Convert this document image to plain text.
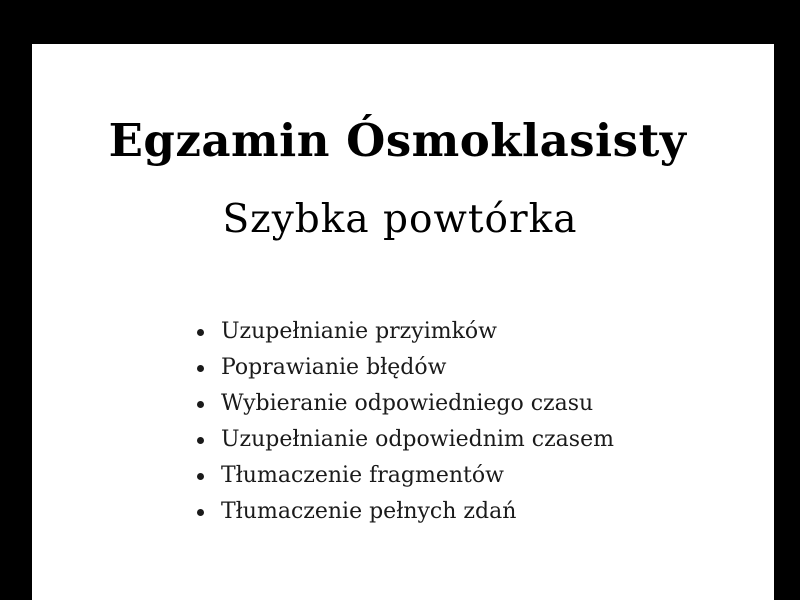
Egzamin Ósmoklasisty
Szybka powtórka
Uzupełnianie przyimków
Poprawianie błędów
Wybieranie odpowiedniego czasu
Uzupełnianie odpowiednim czasem
Tłumaczenie fragmentów
Tłumaczenie pełnych zdań
